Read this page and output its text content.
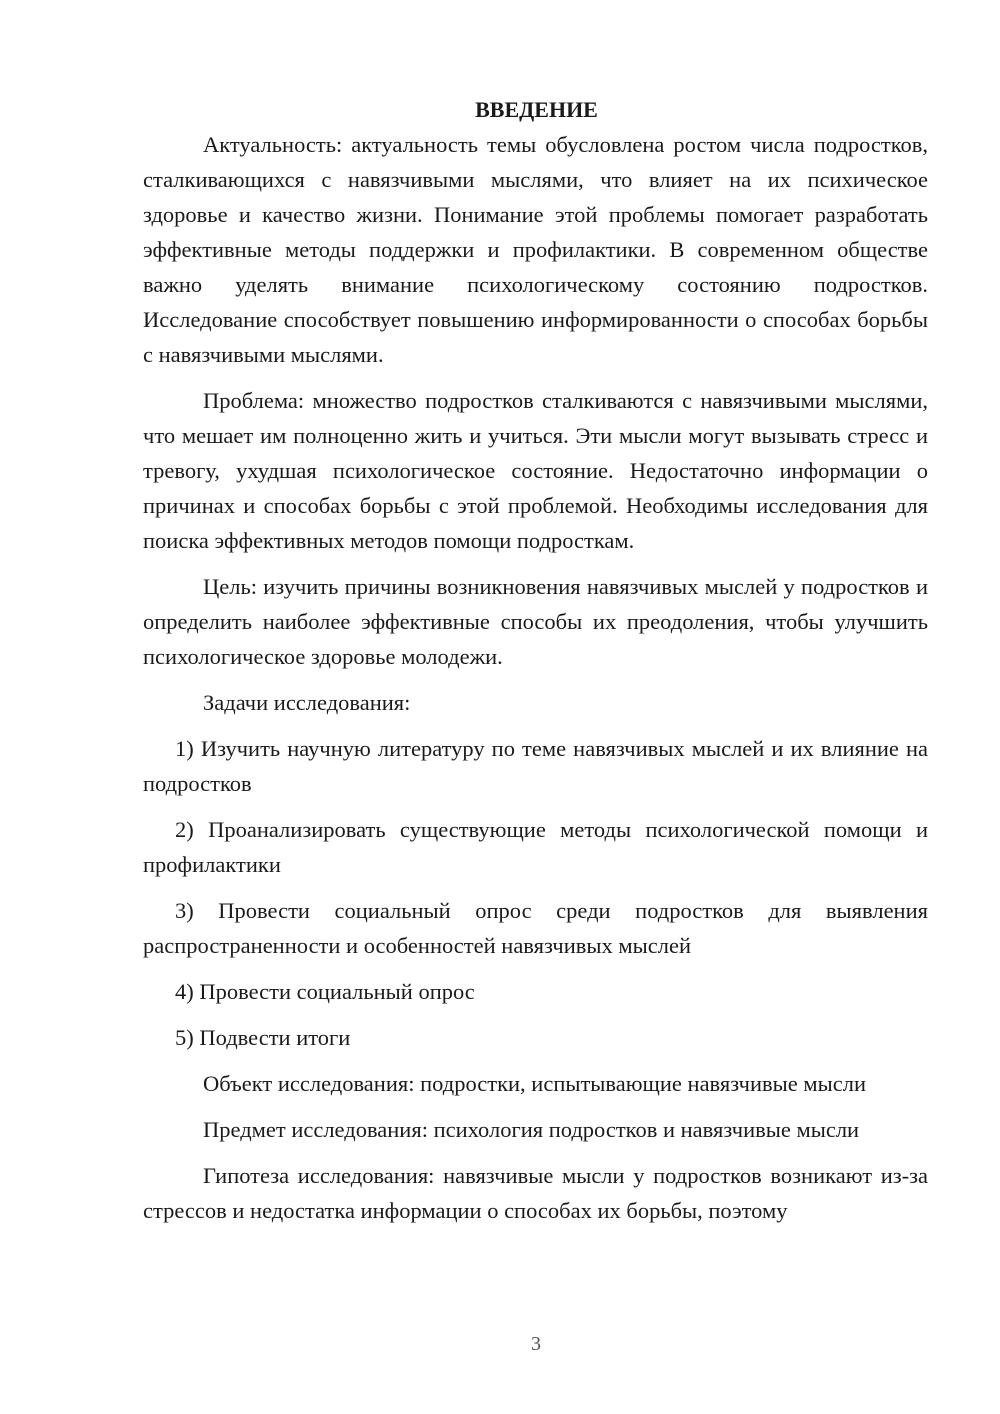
ВВЕДЕНИЕ

Актуальность: актуальность темы обусловлена ростом числа подростков, сталкивающихся с навязчивыми мыслями, что влияет на их психическое здоровье и качество жизни. Понимание этой проблемы помогает разработать эффективные методы поддержки и профилактики. В современном обществе важно уделять внимание психологическому состоянию подростков. Исследование способствует повышению информированности о способах борьбы с навязчивыми мыслями.

Проблема: множество подростков сталкиваются с навязчивыми мыслями, что мешает им полноценно жить и учиться. Эти мысли могут вызывать стресс и тревогу, ухудшая психологическое состояние. Недостаточно информации о причинах и способах борьбы с этой проблемой. Необходимы исследования для поиска эффективных методов помощи подросткам.

Цель: изучить причины возникновения навязчивых мыслей у подростков и определить наиболее эффективные способы их преодоления, чтобы улучшить психологическое здоровье молодежи.

Задачи исследования:

1) Изучить научную литературу по теме навязчивых мыслей и их влияние на подростков

2) Проанализировать существующие методы психологической помощи и профилактики

3) Провести социальный опрос среди подростков для выявления распространенности и особенностей навязчивых мыслей

4) Провести социальный опрос

5) Подвести итоги

Объект исследования: подростки, испытывающие навязчивые мысли

Предмет исследования: психология подростков и навязчивые мысли

Гипотеза исследования: навязчивые мысли у подростков возникают из-за стрессов и недостатка информации о способах их борьбы, поэтому

3
